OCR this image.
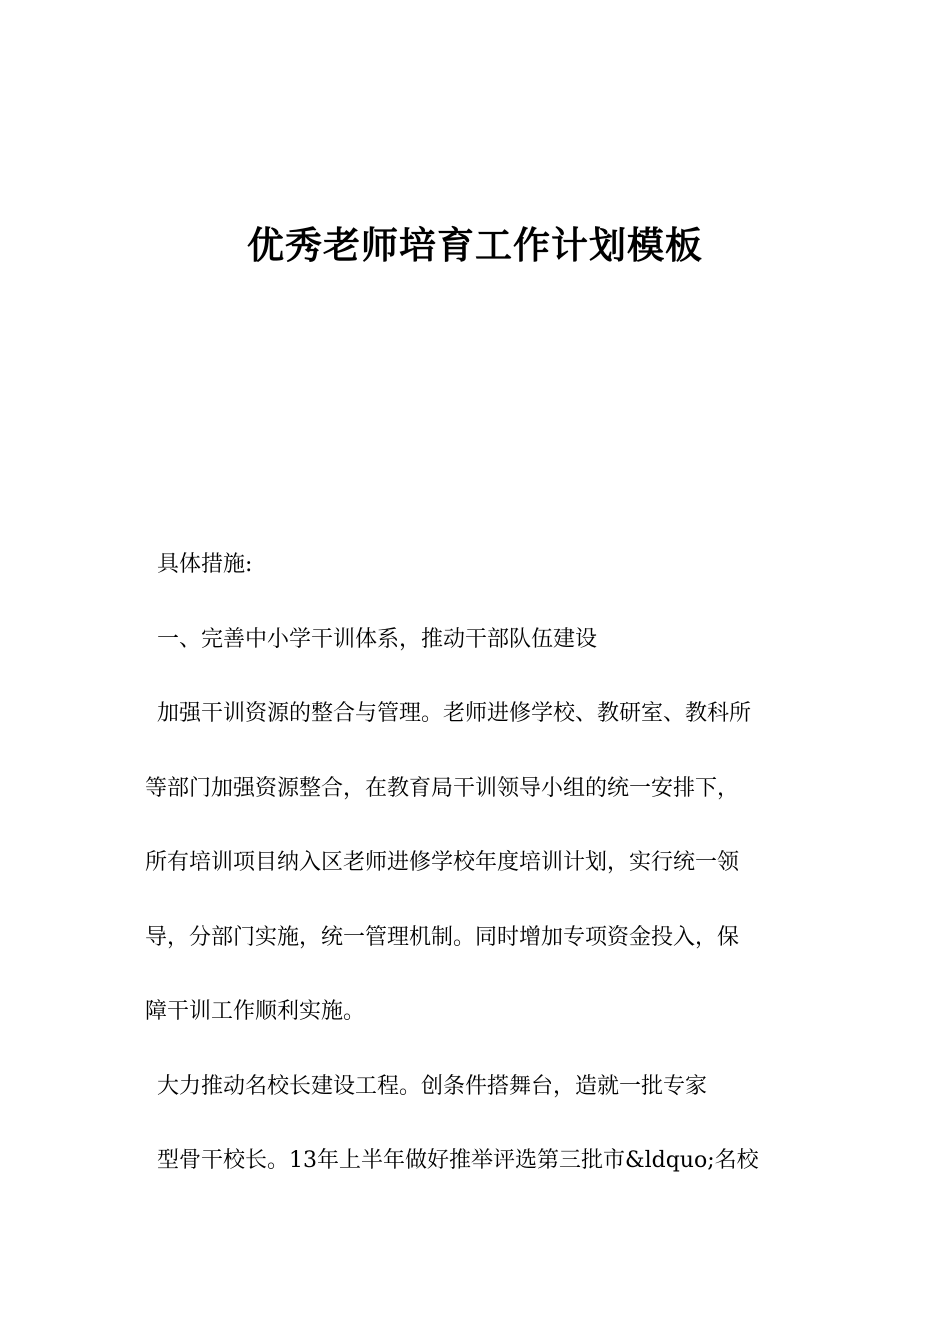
优秀老师培育工作计划模板
具体措施:
一、完善中小学干训体系，推动干部队伍建设
加强干训资源的整合与管理。老师进修学校、教研室、教科所
等部门加强资源整合，在教育局干训领导小组的统一安排下，
所有培训项目纳入区老师进修学校年度培训计划，实行统一领
导，分部门实施，统一管理机制。同时增加专项资金投入，保
障干训工作顺利实施。
大力推动名校长建设工程。创条件搭舞台，造就一批专家
型骨干校长。13年上半年做好推举评选第三批市&ldquo;名校
